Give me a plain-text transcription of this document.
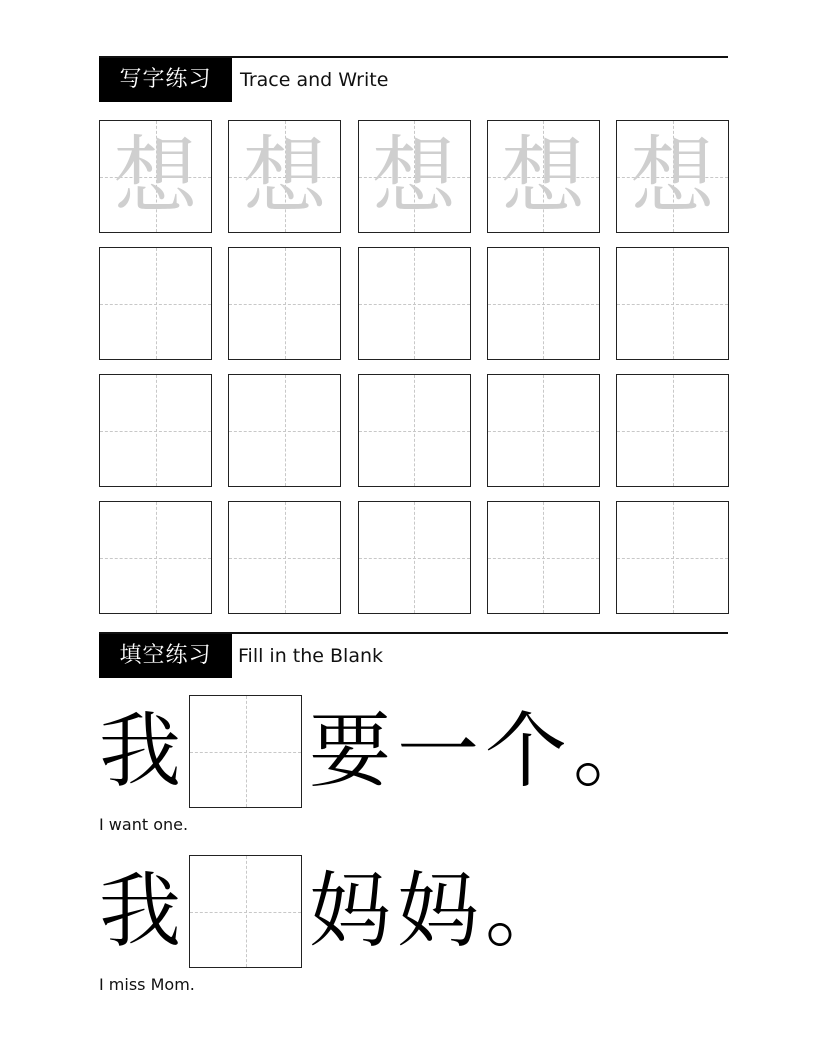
写字练习	Trace and Write
想 想 想 想 想
填空练习	Fill in the Blank
我 要一个。
I want one.
我 妈妈。
I miss Mom.
